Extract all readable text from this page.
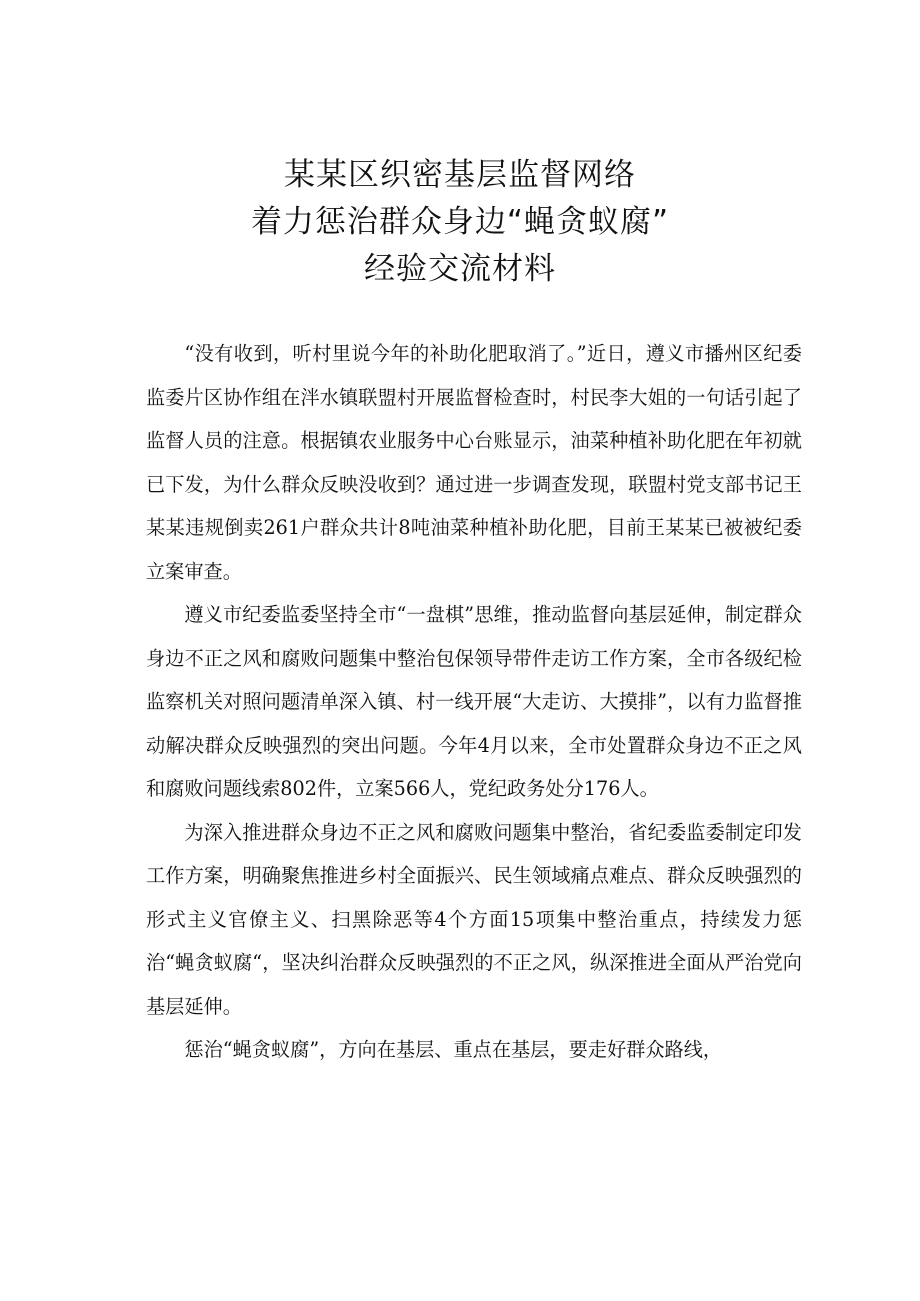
某某区织密基层监督网络
着力惩治群众身边“蝇贪蚁腐”
经验交流材料

“没有收到，听村里说今年的补助化肥取消了。”近日，遵义市播州区纪委监委片区协作组在泮水镇联盟村开展监督检查时，村民李大姐的一句话引起了监督人员的注意。根据镇农业服务中心台账显示，油菜种植补助化肥在年初就已下发，为什么群众反映没收到？通过进一步调查发现，联盟村党支部书记王某某违规倒卖261户群众共计8吨油菜种植补助化肥，目前王某某已被被纪委立案审查。

遵义市纪委监委坚持全市“一盘棋”思维，推动监督向基层延伸，制定群众身边不正之风和腐败问题集中整治包保领导带件走访工作方案，全市各级纪检监察机关对照问题清单深入镇、村一线开展“大走访、大摸排”，以有力监督推动解决群众反映强烈的突出问题。今年4月以来，全市处置群众身边不正之风和腐败问题线索802件，立案566人，党纪政务处分176人。

为深入推进群众身边不正之风和腐败问题集中整治，省纪委监委制定印发工作方案，明确聚焦推进乡村全面振兴、民生领域痛点难点、群众反映强烈的形式主义官僚主义、扫黑除恶等4个方面15项集中整治重点，持续发力惩治“蝇贪蚁腐“，坚决纠治群众反映强烈的不正之风，纵深推进全面从严治党向基层延伸。

惩治“蝇贪蚁腐”，方向在基层、重点在基层，要走好群众路线，
